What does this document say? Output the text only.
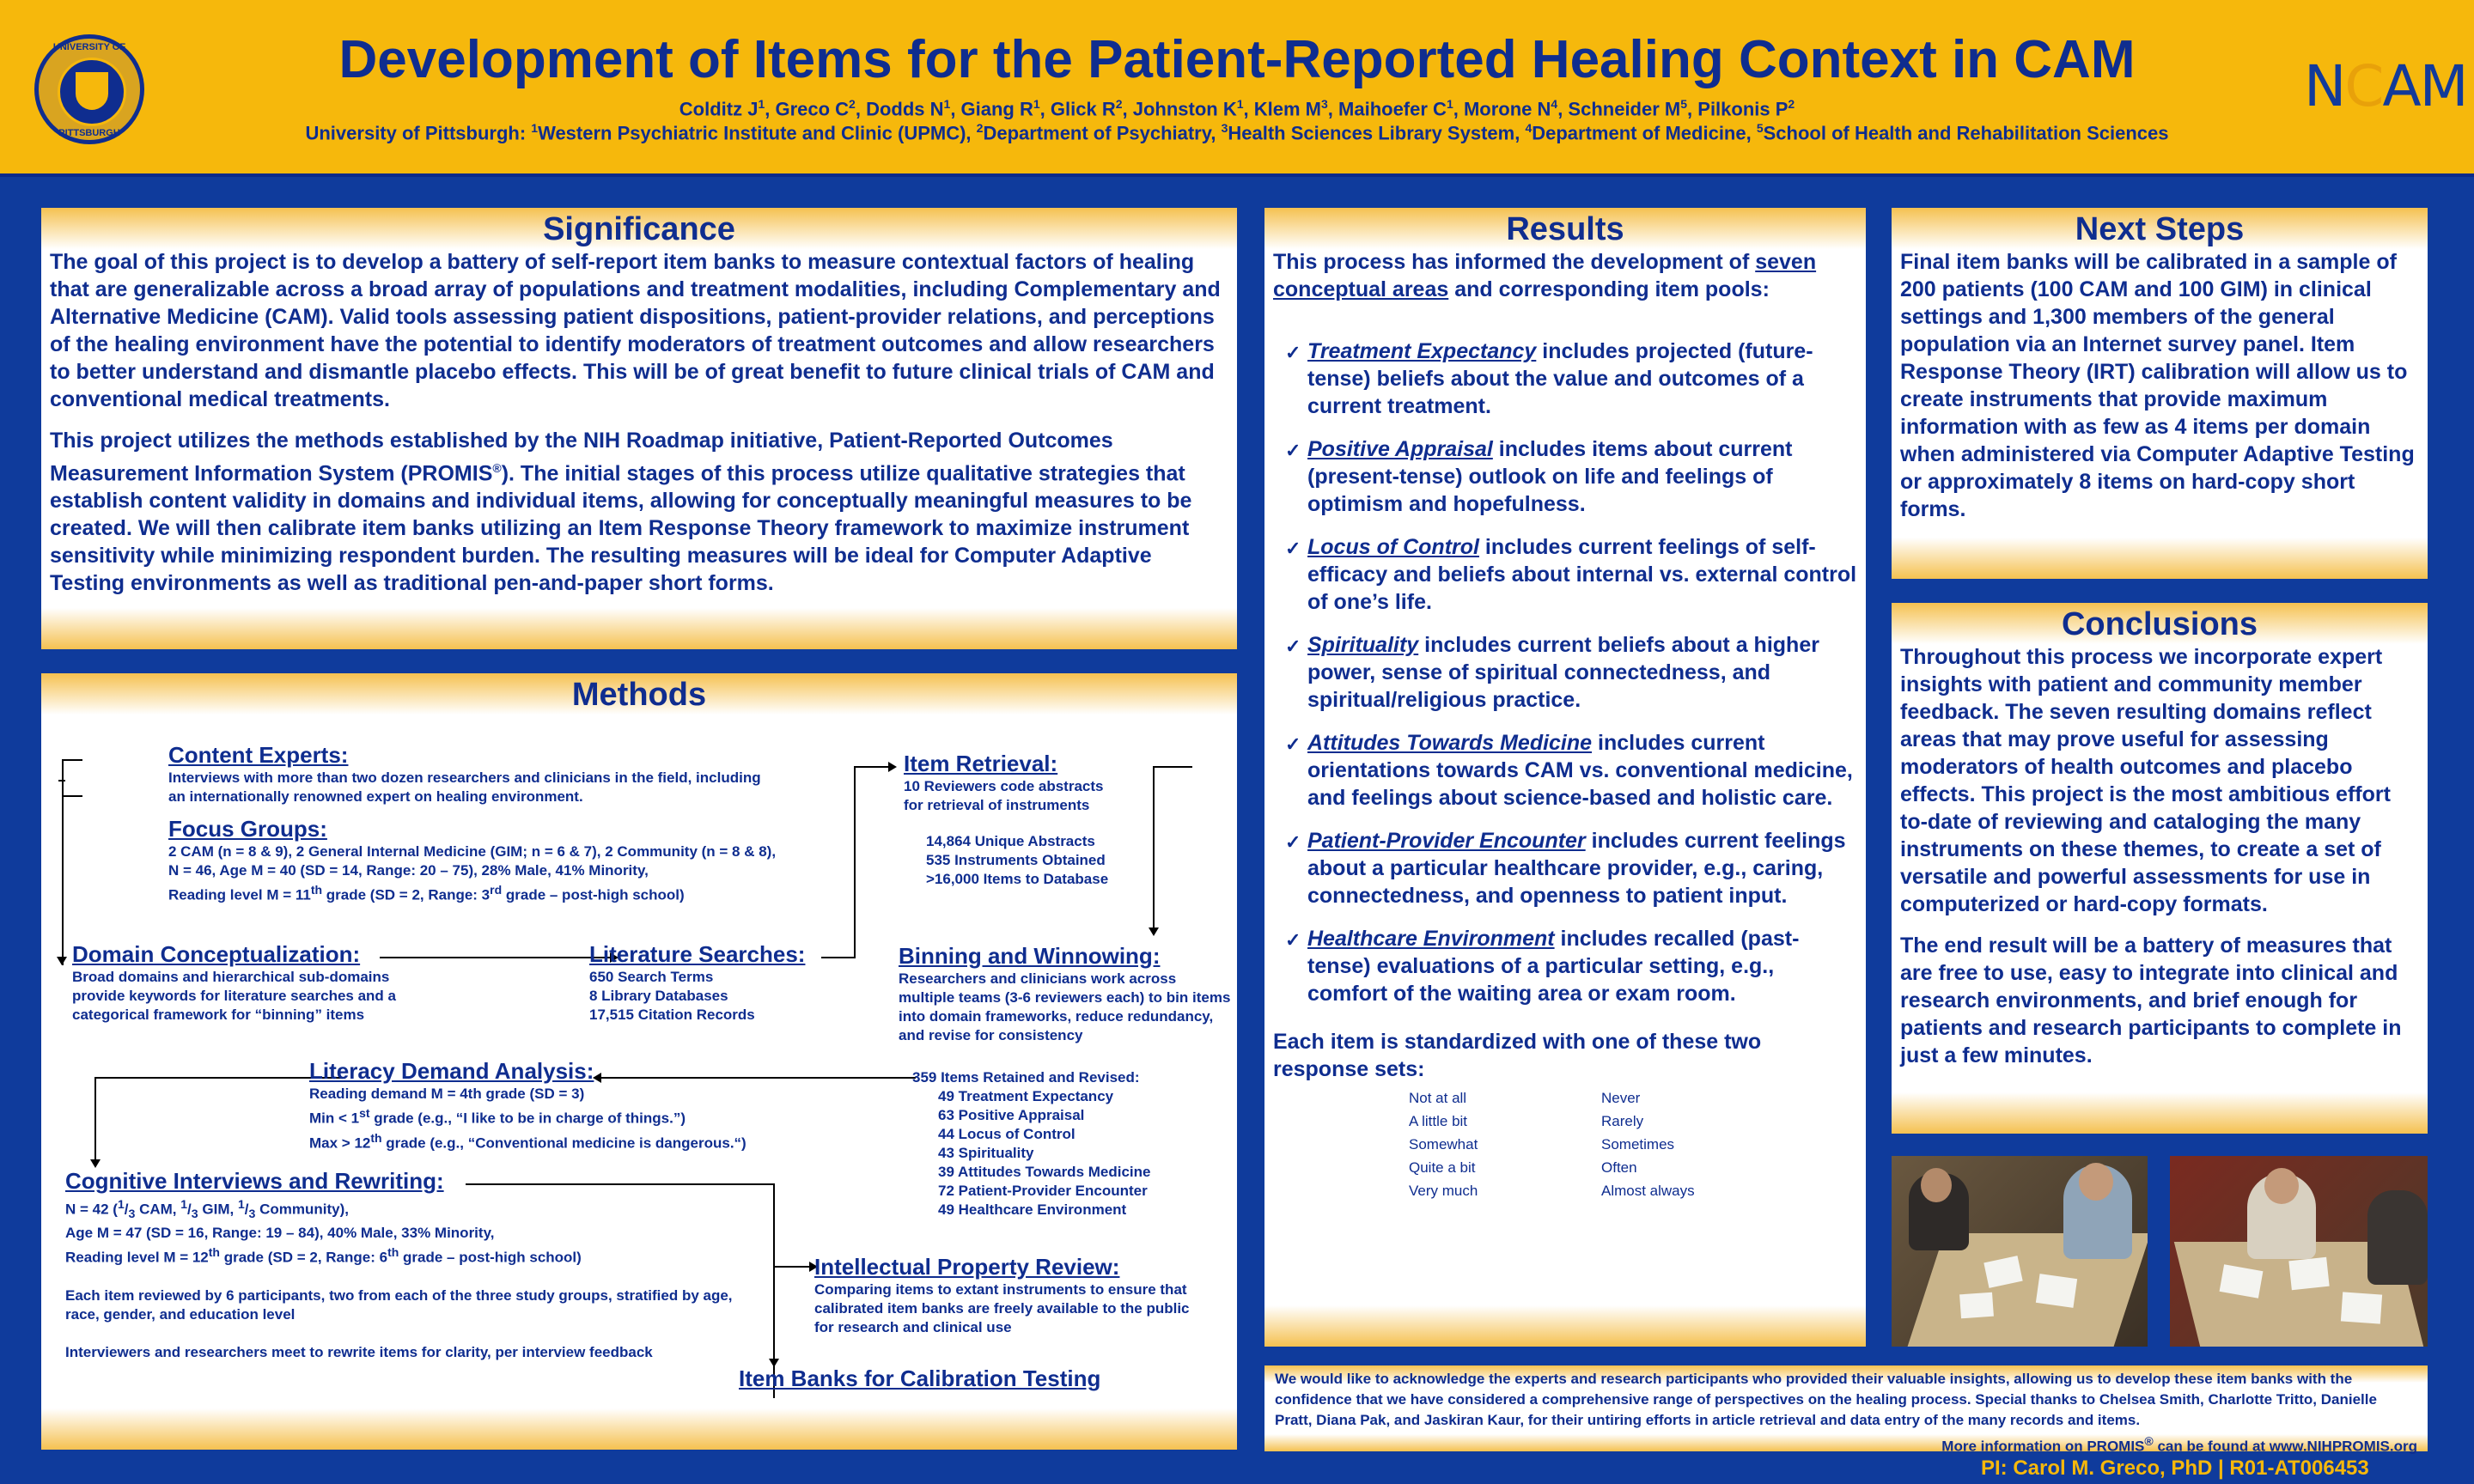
UNIVERSITY OF
PITTSBURGH
Development of Items for the Patient-Reported Healing Context in CAM
Colditz $J^1$, Greco $C^2$, Dodds $N^1$, Giang $R^1$, Glick $R^2$, Johnston $K^1$, Klem $M^3$, Maihoefer $C^1$, Morone $N^4$, Schneider $M^5$, Pilkonis $P^2$
University of Pittsburgh: $^1$Western Psychiatric Institute and Clinic (UPMC), $^2$Department of Psychiatry, $^3$Health Sciences Library System, $^4$Department of Medicine, $^5$School of Health and Rehabilitation Sciences
NCAM
Significance

The goal of this project is to develop a battery of self-report item banks to measure contextual factors of healing that are generalizable across a broad array of populations and treatment modalities, including Complementary and Alternative Medicine (CAM). Valid tools assessing patient dispositions, patient-provider relations, and perceptions of the healing environment have the potential to identify moderators of treatment outcomes and allow researchers to better understand and dismantle placebo effects. This will be of great benefit to future clinical trials of CAM and conventional medical treatments.

This project utilizes the methods established by the NIH Roadmap initiative, Patient-Reported Outcomes Measurement Information System (PROMIS®). The initial stages of this process utilize qualitative strategies that establish content validity in domains and individual items, allowing for conceptually meaningful measures to be created. We will then calibrate item banks utilizing an Item Response Theory framework to maximize instrument sensitivity while minimizing respondent burden. The resulting measures will be ideal for Computer Adaptive Testing environments as well as traditional pen-and-paper short forms.

Methods
Content Experts:
Interviews with more than two dozen researchers and clinicians in the field, including an internationally renowned expert on healing environment.
Focus Groups:
2 CAM (n = 8 & 9), 2 General Internal Medicine (GIM; n = 6 & 7), 2 Community (n = 8 & 8),
N = 46, Age M = 40 (SD = 14, Range: 20 – 75), 28% Male, 41% Minority,
Reading level M = 11th grade (SD = 2, Range: 3rd grade – post-high school)
Domain Conceptualization:
Broad domains and hierarchical sub-domains provide keywords for literature searches and a categorical framework for “binning” items
Literature Searches:
650 Search Terms
8 Library Databases
17,515 Citation Records
Item Retrieval:
10 Reviewers code abstracts
for retrieval of instruments
14,864 Unique Abstracts
535 Instruments Obtained
>16,000 Items to Database
Binning and Winnowing:
Researchers and clinicians work across multiple teams (3-6 reviewers each) to bin items into domain frameworks, reduce redundancy, and revise for consistency
359 Items Retained and Revised:
49 Treatment Expectancy
63 Positive Appraisal
44 Locus of Control
43 Spirituality
39 Attitudes Towards Medicine
72 Patient-Provider Encounter
49 Healthcare Environment
Literacy Demand Analysis:
Reading demand M = 4th grade (SD = 3)
Min < 1st grade (e.g., “I like to be in charge of things.”)
Max > 12th grade (e.g., “Conventional medicine is dangerous.“)
Cognitive Interviews and Rewriting:
N = 42 ($^1/_3$ CAM, $^1/_3$ GIM, $^1/_3$ Community),
Age M = 47 (SD = 16, Range: 19 – 84), 40% Male, 33% Minority,
Reading level M = 12th grade (SD = 2, Range: 6th grade – post-high school)
Each item reviewed by 6 participants, two from each of the three study groups, stratified by age, race, gender, and education level
Interviewers and researchers meet to rewrite items for clarity, per interview feedback
Intellectual Property Review:
Comparing items to extant instruments to ensure that calibrated item banks are freely available to the public for research and clinical use
Item Banks for Calibration Testing
Results

This process has informed the development of seven conceptual areas and corresponding item pools:

✓ Treatment Expectancy includes projected (future-tense) beliefs about the value and outcomes of a current treatment.
✓ Positive Appraisal includes items about current (present-tense) outlook on life and feelings of optimism and hopefulness.
✓ Locus of Control includes current feelings of self-efficacy and beliefs about internal vs. external control of one’s life.
✓ Spirituality includes current beliefs about a higher power, sense of spiritual connectedness, and spiritual/religious practice.
✓ Attitudes Towards Medicine includes current orientations towards CAM vs. conventional medicine, and feelings about science-based and holistic care.
✓ Patient-Provider Encounter includes current feelings about a particular healthcare provider, e.g., caring, connectedness, and openness to patient input.
✓ Healthcare Environment includes recalled (past-tense) evaluations of a particular setting, e.g., comfort of the waiting area or exam room.

Each item is standardized with one of these two response sets:

Not at all
A little bit
Somewhat
Quite a bit
Very much
Never
Rarely
Sometimes
Often
Almost always
Next Steps

Final item banks will be calibrated in a sample of 200 patients (100 CAM and 100 GIM) in clinical settings and 1,300 members of the general population via an Internet survey panel. Item Response Theory (IRT) calibration will allow us to create instruments that provide maximum information with as few as 4 items per domain when administered via Computer Adaptive Testing or approximately 8 items on hard-copy short forms.

Conclusions

Throughout this process we incorporate expert insights with patient and community member feedback. The seven resulting domains reflect areas that may prove useful for assessing moderators of health outcomes and placebo effects. This project is the most ambitious effort to-date of reviewing and cataloging the many instruments on these themes, to create a set of versatile and powerful assessments for use in computerized or hard-copy formats.

The end result will be a battery of measures that are free to use, easy to integrate into clinical and research environments, and brief enough for patients and research participants to complete in just a few minutes.

We would like to acknowledge the experts and research participants who provided their valuable insights, allowing us to develop these item banks with the confidence that we have considered a comprehensive range of perspectives on the healing process. Special thanks to Chelsea Smith, Charlotte Tritto, Danielle Pratt, Diana Pak, and Jaskiran Kaur, for their untiring efforts in article retrieval and data entry of the many records and items.
More information on PROMIS® can be found at www.NIHPROMIS.org
PI: Carol M. Greco, PhD | R01-AT006453
